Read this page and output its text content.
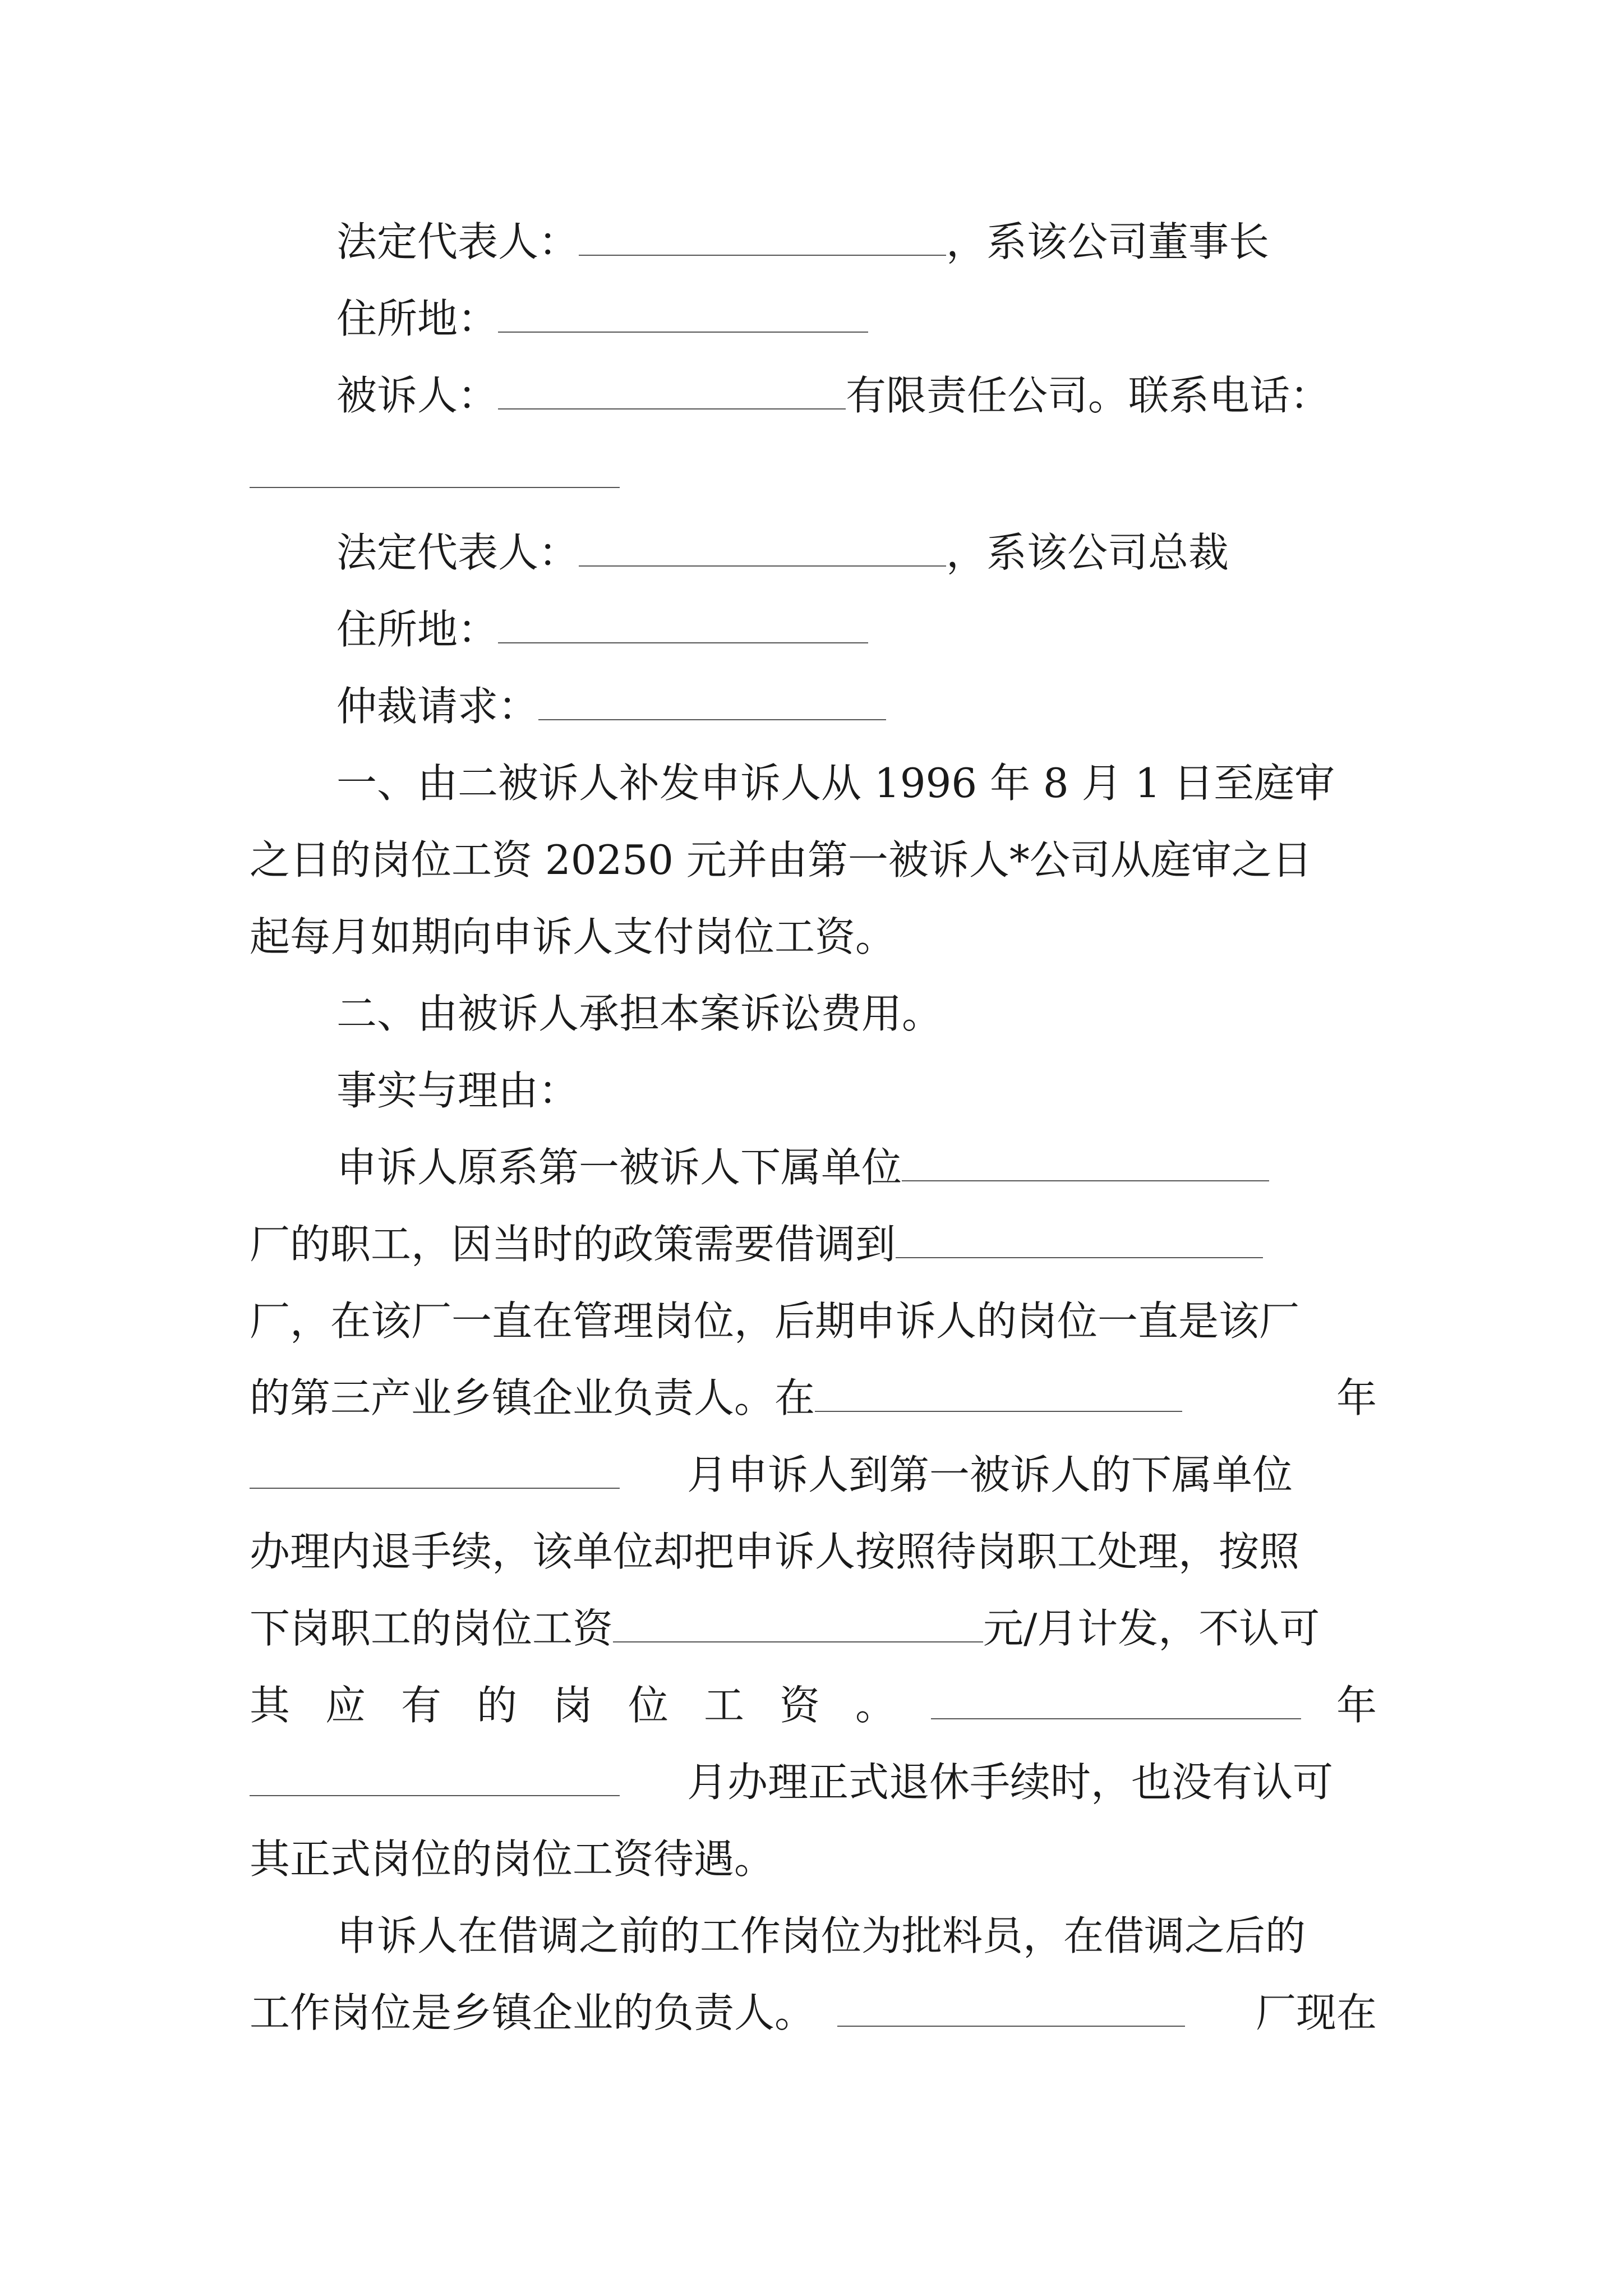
法定代表人：	，系该公司董事长
住所地：
被诉人：	有限责任公司。联系电话：
法定代表人：	，系该公司总裁
住所地：
仲裁请求：
一、由二被诉人补发申诉人从 1996 年 8 月 1 日至庭审
之日的岗位工资 20250 元并由第一被诉人*公司从庭审之日
起每月如期向申诉人支付岗位工资。
二、由被诉人承担本案诉讼费用。
事实与理由：
申诉人原系第一被诉人下属单位
厂的职工，因当时的政策需要借调到
厂，在该厂一直在管理岗位，后期申诉人的岗位一直是该厂
的第三产业乡镇企业负责人。在	年
月申诉人到第一被诉人的下属单位
办理内退手续，该单位却把申诉人按照待岗职工处理，按照
下岗职工的岗位工资	元/月计发，不认可
其 应 有 的 岗 位 工 资 。	年
月办理正式退休手续时，也没有认可
其正式岗位的岗位工资待遇。
申诉人在借调之前的工作岗位为批料员，在借调之后的
工作岗位是乡镇企业的负责人。	厂现在
